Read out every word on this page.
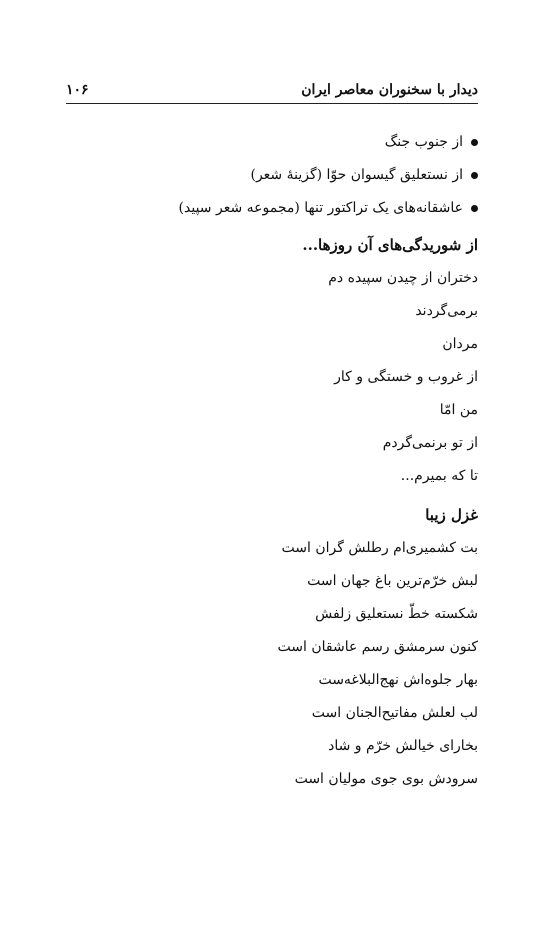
دیدار با سخنوران معاصر ایران
۱۰۶
از جنوب جنگ
از نستعلیق گیسوان حوّا (گزینهٔ شعر)
عاشقانه‌های یک تراکتور تنها (مجموعه شعر سپید)
از شوریدگی‌های آن روزها...
دختران از چیدن سپیده دم
برمی‌گردند
مردان
از غروب و خستگی و کار
من امّا
از تو برنمی‌گردم
تا که بمیرم...
غزل زیبا
بت کشمیری‌ام رطلش گران است
لبش خرّم‌ترین باغ جهان است
شکسته خطّ نستعلیق زلفش
کنون سرمشق رسم عاشقان است
بهار جلوه‌اش نهج‌البلاغه‌ست
لب لعلش مفاتیح‌الجنان است
بخارای خیالش خرّم و شاد
سرودش بوی جوی مولیان است
